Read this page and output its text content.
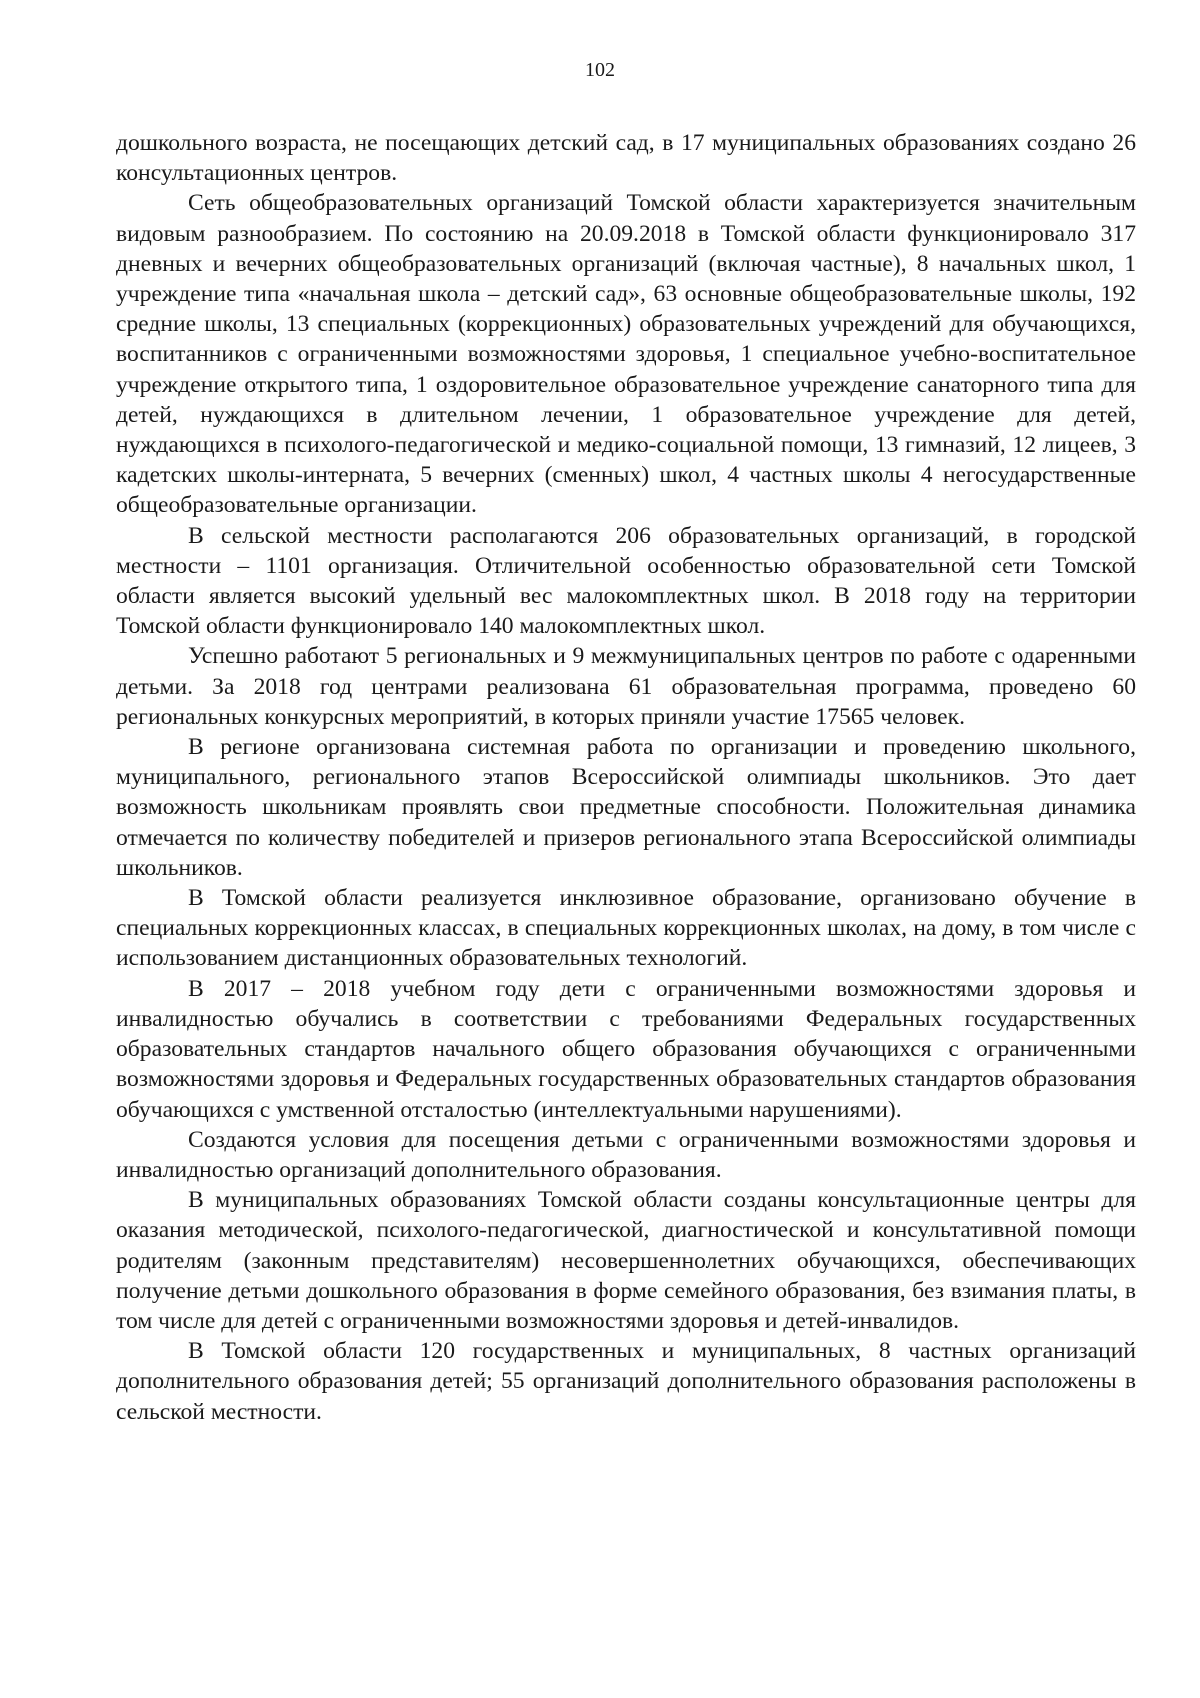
102

дошкольного возраста, не посещающих детский сад, в 17 муниципальных образованиях создано 26 консультационных центров.

Сеть общеобразовательных организаций Томской области характеризуется значительным видовым разнообразием. По состоянию на 20.09.2018 в Томской области функционировало 317 дневных и вечерних общеобразовательных организаций (включая частные), 8 начальных школ, 1 учреждение типа «начальная школа – детский сад», 63 основные общеобразовательные школы, 192 средние школы, 13 специальных (коррекционных) образовательных учреждений для обучающихся, воспитанников с ограниченными возможностями здоровья, 1 специальное учебно-воспитательное учреждение открытого типа, 1 оздоровительное образовательное учреждение санаторного типа для детей, нуждающихся в длительном лечении, 1 образовательное учреждение для детей, нуждающихся в психолого-педагогической и медико-социальной помощи, 13 гимназий, 12 лицеев, 3 кадетских школы-интерната, 5 вечерних (сменных) школ, 4 частных школы 4 негосударственные общеобразовательные организации.

В сельской местности располагаются 206 образовательных организаций, в городской местности – 1101 организация. Отличительной особенностью образовательной сети Томской области является высокий удельный вес малокомплектных школ. В 2018 году на территории Томской области функционировало 140 малокомплектных школ.

Успешно работают 5 региональных и 9 межмуниципальных центров по работе с одаренными детьми. За 2018 год центрами реализована 61 образовательная программа, проведено 60 региональных конкурсных мероприятий, в которых приняли участие 17565 человек.

В регионе организована системная работа по организации и проведению школьного, муниципального, регионального этапов Всероссийской олимпиады школьников. Это дает возможность школьникам проявлять свои предметные способности. Положительная динамика отмечается по количеству победителей и призеров регионального этапа Всероссийской олимпиады школьников.

В Томской области реализуется инклюзивное образование, организовано обучение в специальных коррекционных классах, в специальных коррекционных школах, на дому, в том числе с использованием дистанционных образовательных технологий.

В 2017 – 2018 учебном году дети с ограниченными возможностями здоровья и инвалидностью обучались в соответствии с требованиями Федеральных государственных образовательных стандартов начального общего образования обучающихся с ограниченными возможностями здоровья и Федеральных государственных образовательных стандартов образования обучающихся с умственной отсталостью (интеллектуальными нарушениями).

Создаются условия для посещения детьми с ограниченными возможностями здоровья и инвалидностью организаций дополнительного образования.

В муниципальных образованиях Томской области созданы консультационные центры для оказания методической, психолого-педагогической, диагностической и консультативной помощи родителям (законным представителям) несовершеннолетних обучающихся, обеспечивающих получение детьми дошкольного образования в форме семейного образования, без взимания платы, в том числе для детей с ограниченными возможностями здоровья и детей-инвалидов.

В Томской области 120 государственных и муниципальных, 8 частных организаций дополнительного образования детей; 55 организаций дополнительного образования расположены в сельской местности.
